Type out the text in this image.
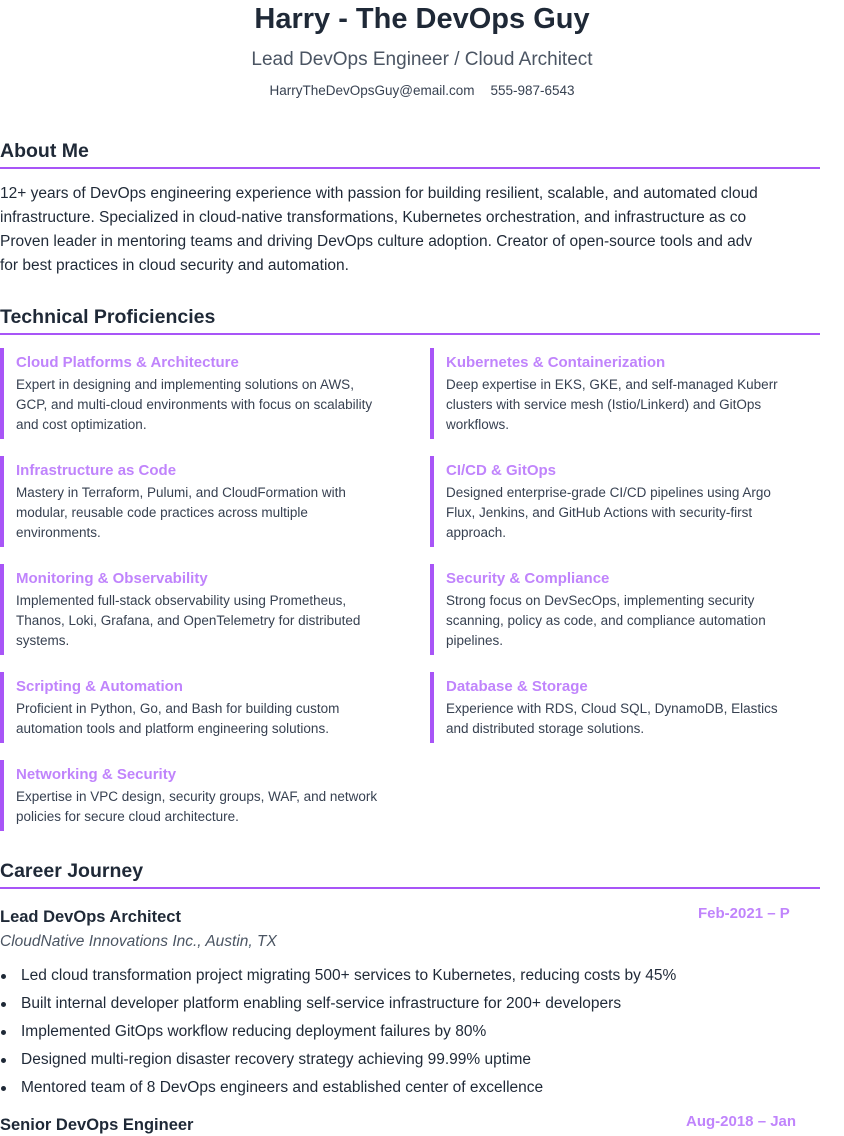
Harry - The DevOps Guy
Lead DevOps Engineer / Cloud Architect
HarryTheDevOpsGuy@email.com 555-987-6543
About Me
12+ years of DevOps engineering experience with passion for building resilient, scalable, and automated cloud
infrastructure. Specialized in cloud-native transformations, Kubernetes orchestration, and infrastructure as co
Proven leader in mentoring teams and driving DevOps culture adoption. Creator of open-source tools and adv
for best practices in cloud security and automation.
Technical Proficiencies
Cloud Platforms & Architecture
Expert in designing and implementing solutions on AWS,
GCP, and multi-cloud environments with focus on scalability
and cost optimization.
Kubernetes & Containerization
Deep expertise in EKS, GKE, and self-managed Kuberr
clusters with service mesh (Istio/Linkerd) and GitOps
workflows.
Infrastructure as Code
Mastery in Terraform, Pulumi, and CloudFormation with
modular, reusable code practices across multiple
environments.
CI/CD & GitOps
Designed enterprise-grade CI/CD pipelines using Argo
Flux, Jenkins, and GitHub Actions with security-first
approach.
Monitoring & Observability
Implemented full-stack observability using Prometheus,
Thanos, Loki, Grafana, and OpenTelemetry for distributed
systems.
Security & Compliance
Strong focus on DevSecOps, implementing security
scanning, policy as code, and compliance automation
pipelines.
Scripting & Automation
Proficient in Python, Go, and Bash for building custom
automation tools and platform engineering solutions.
Database & Storage
Experience with RDS, Cloud SQL, DynamoDB, Elastics
and distributed storage solutions.
Networking & Security
Expertise in VPC design, security groups, WAF, and network
policies for secure cloud architecture.
Career Journey
Lead DevOps Architect	Feb-2021 – P
CloudNative Innovations Inc., Austin, TX
Led cloud transformation project migrating 500+ services to Kubernetes, reducing costs by 45%
Built internal developer platform enabling self-service infrastructure for 200+ developers
Implemented GitOps workflow reducing deployment failures by 80%
Designed multi-region disaster recovery strategy achieving 99.99% uptime
Mentored team of 8 DevOps engineers and established center of excellence
Senior DevOps Engineer	Aug-2018 – Jan
